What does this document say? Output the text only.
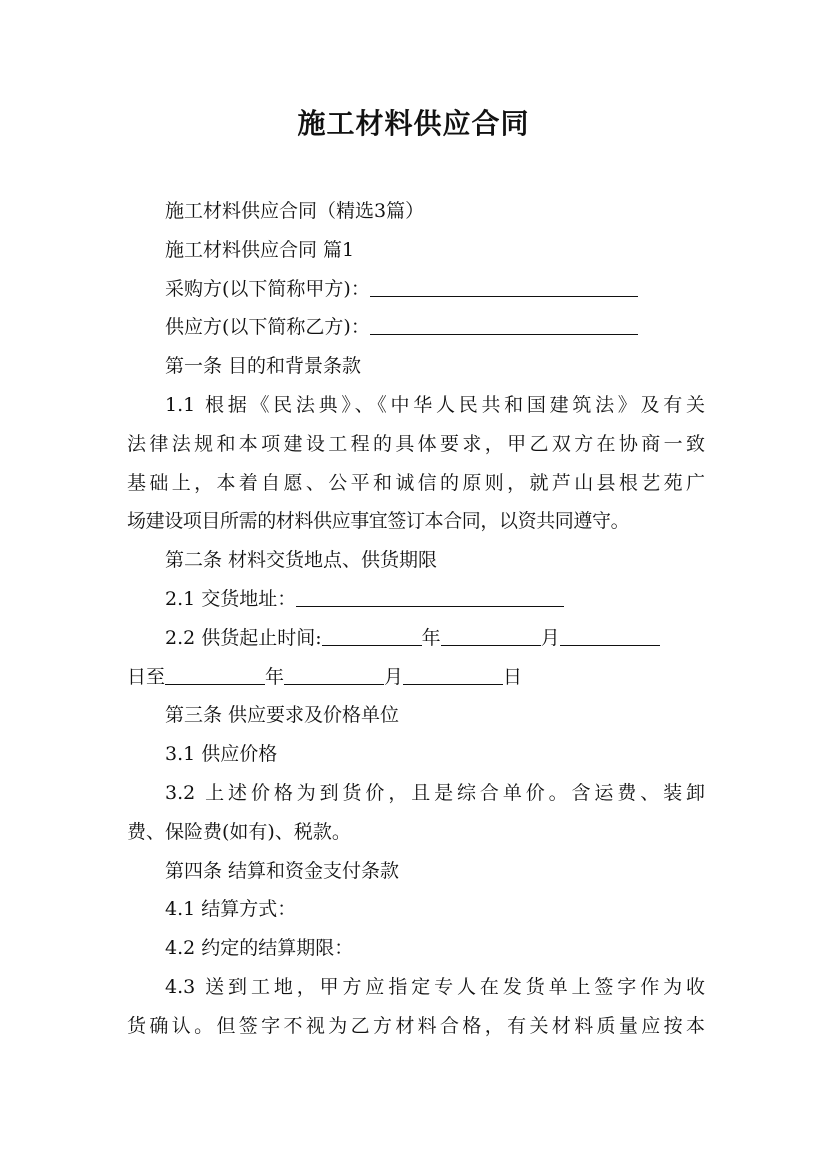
施工材料供应合同

施工材料供应合同（精选3篇）

施工材料供应合同 篇1

采购方(以下简称甲方)：

供应方(以下简称乙方)：

第一条 目的和背景条款

1.1 根据《民法典》、《中华人民共和国建筑法》及有关

法律法规和本项建设工程的具体要求，甲乙双方在协商一致

基础上，本着自愿、公平和诚信的原则，就芦山县根艺苑广

场建设项目所需的材料供应事宜签订本合同，以资共同遵守。

第二条 材料交货地点、供货期限

2.1 交货地址：

2.2 供货起止时间:	年	月

日至	年	月	日

第三条 供应要求及价格单位

3.1 供应价格

3.2 上述价格为到货价，且是综合单价。含运费、装卸

费、保险费(如有)、税款。

第四条 结算和资金支付条款

4.1 结算方式：

4.2 约定的结算期限：

4.3 送到工地，甲方应指定专人在发货单上签字作为收

货确认。但签字不视为乙方材料合格，有关材料质量应按本
